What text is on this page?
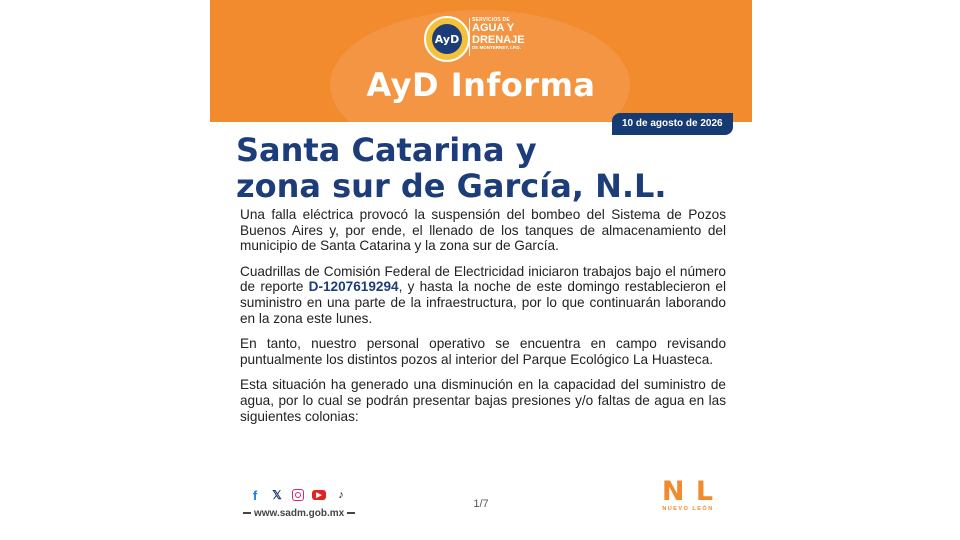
AyD
SERVICIOS DE
AGUA Y
DRENAJE
DE MONTERREY, I.P.D.
AyD Informa
10 de agosto de 2026
Santa Catarina y
zona sur de García, N.L.

Una falla eléctrica provocó la suspensión del bombeo del Sistema de Pozos Buenos Aires y, por ende, el llenado de los tanques de almacenamiento del municipio de Santa Catarina y la zona sur de García.

Cuadrillas de Comisión Federal de Electricidad iniciaron trabajos bajo el número de reporte D-1207619294, y hasta la noche de este domingo restablecieron el suministro en una parte de la infraestructura, por lo que continuarán laborando en la zona este lunes.

En tanto, nuestro personal operativo se encuentra en campo revisando puntualmente los distintos pozos al interior del Parque Ecológico La Huasteca.

Esta situación ha generado una disminución en la capacidad del suministro de agua, por lo cual se podrán presentar bajas presiones y/o faltas de agua en las siguientes colonias:

f	𝕏	▶	♪
www.sadm.gob.mx
1/7	N L
NUEVO LEÓN
